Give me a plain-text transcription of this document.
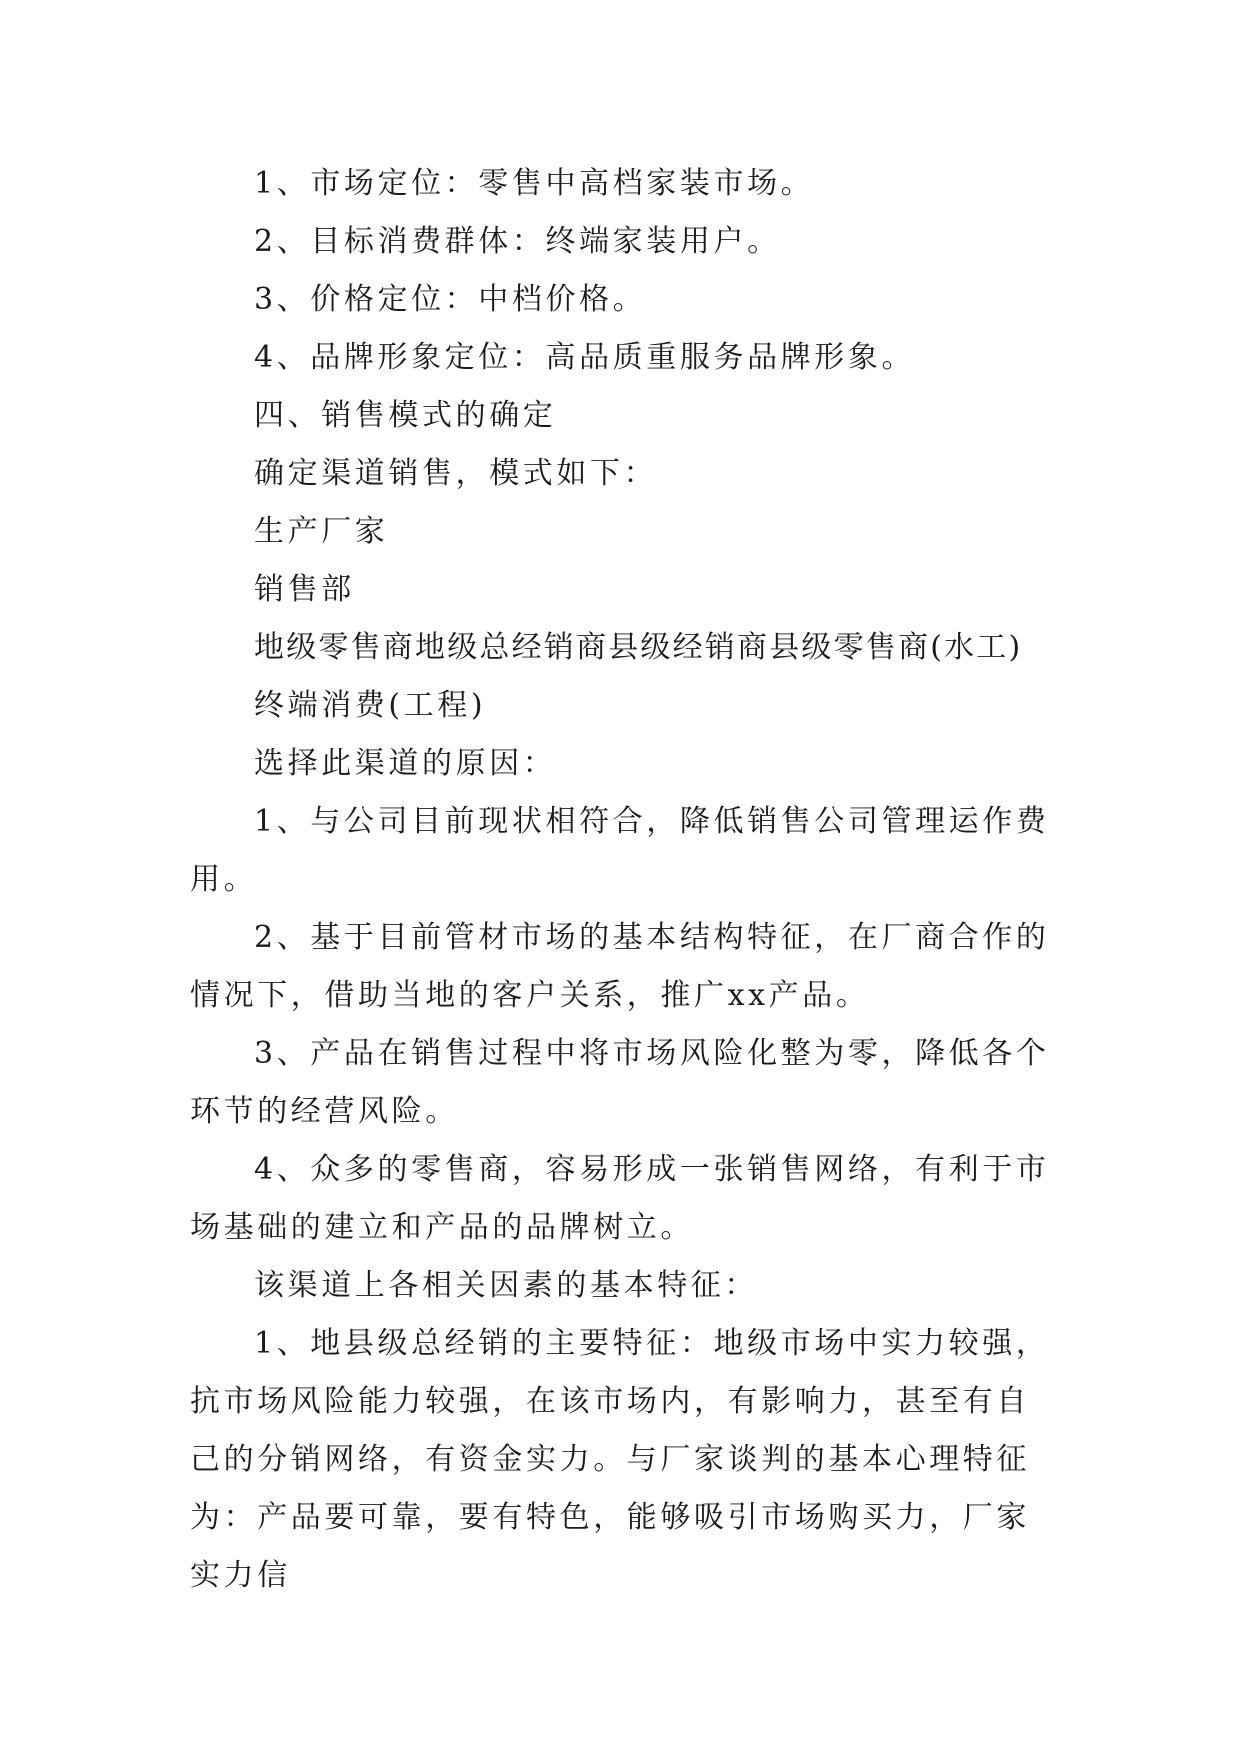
1、市场定位：零售中高档家装市场。

2、目标消费群体：终端家装用户。

3、价格定位：中档价格。

4、品牌形象定位：高品质重服务品牌形象。

四、销售模式的确定

确定渠道销售，模式如下：

生产厂家

销售部

地级零售商地级总经销商县级经销商县级零售商(水工)

终端消费(工程)

选择此渠道的原因：

1、与公司目前现状相符合，降低销售公司管理运作费用。

2、基于目前管材市场的基本结构特征，在厂商合作的情况下，借助当地的客户关系，推广xx产品。

3、产品在销售过程中将市场风险化整为零，降低各个环节的经营风险。

4、众多的零售商，容易形成一张销售网络，有利于市场基础的建立和产品的品牌树立。

该渠道上各相关因素的基本特征：

1、地县级总经销的主要特征：地级市场中实力较强，抗市场风险能力较强，在该市场内，有影响力，甚至有自己的分销网络，有资金实力。与厂家谈判的基本心理特征为：产品要可靠，要有特色，能够吸引市场购买力，厂家实力信
